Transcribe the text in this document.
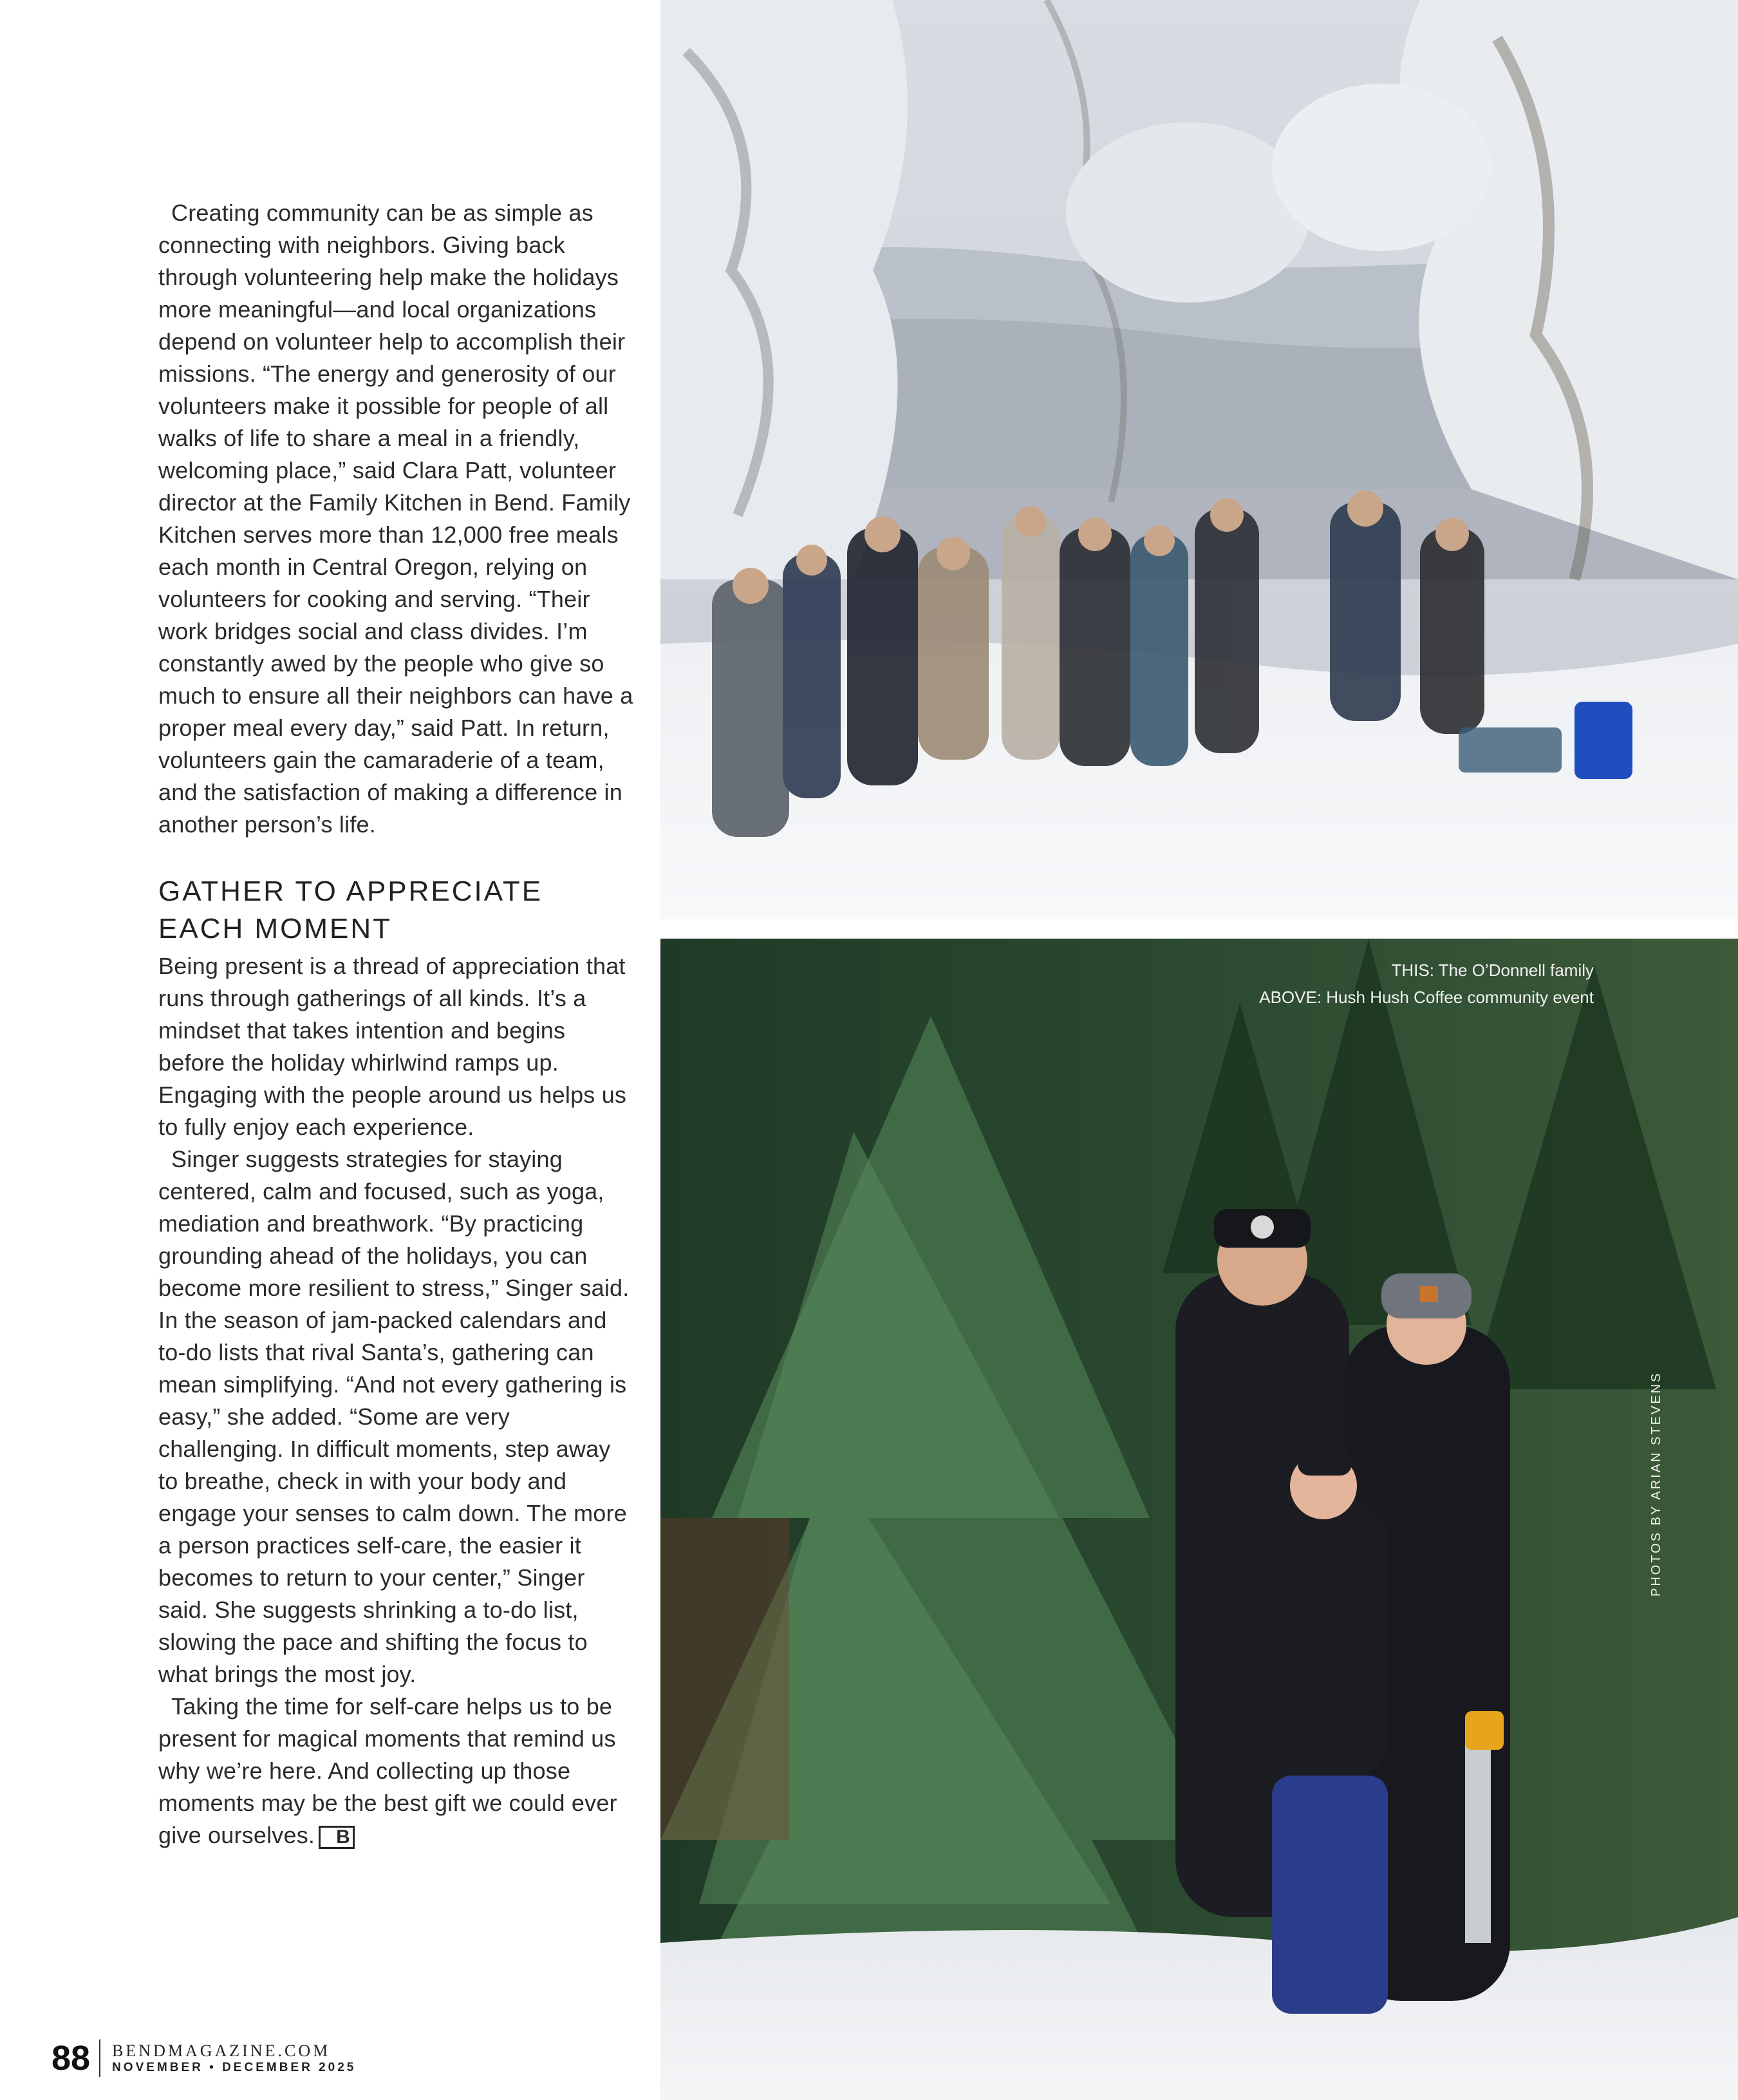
Creating community can be as simple as connecting with neighbors. Giving back through volunteering help make the holidays more meaningful—and local organizations depend on volunteer help to accomplish their missions. “The energy and generosity of our volunteers make it possible for people of all walks of life to share a meal in a friendly, welcoming place,” said Clara Patt, volunteer director at the Family Kitchen in Bend. Family Kitchen serves more than 12,000 free meals each month in Central Oregon, relying on volunteers for cooking and serving. “Their work bridges social and class divides. I’m constantly awed by the people who give so much to ensure all their neighbors can have a proper meal every day,” said Patt. In return, volunteers gain the camaraderie of a team, and the satisfaction of making a difference in another person’s life.

GATHER TO APPRECIATE EACH MOMENT

Being present is a thread of appreciation that runs through gatherings of all kinds. It’s a mindset that takes intention and begins before the holiday whirlwind ramps up. Engaging with the people around us helps us to fully enjoy each experience.

Singer suggests strategies for staying centered, calm and focused, such as yoga, mediation and breathwork. “By practicing grounding ahead of the holidays, you can become more resilient to stress,” Singer said. In the season of jam-packed calendars and to-do lists that rival Santa’s, gathering can mean simplifying. “And not every gathering is easy,” she added. “Some are very challenging. In difficult moments, step away to breathe, check in with your body and engage your senses to calm down. The more a person practices self-care, the easier it becomes to return to your center,” Singer said. She suggests shrinking a to-do list, slowing the pace and shifting the focus to what brings the most joy.

Taking the time for self-care helps us to be present for magical moments that remind us why we’re here. And collecting up those moments may be the best gift we could ever give ourselves. B

THIS: The O’Donnell family

ABOVE: Hush Hush Coffee community event

PHOTOS BY ARIAN STEVENS
88 BENDMAGAZINE.COM
NOVEMBER • DECEMBER 2025
